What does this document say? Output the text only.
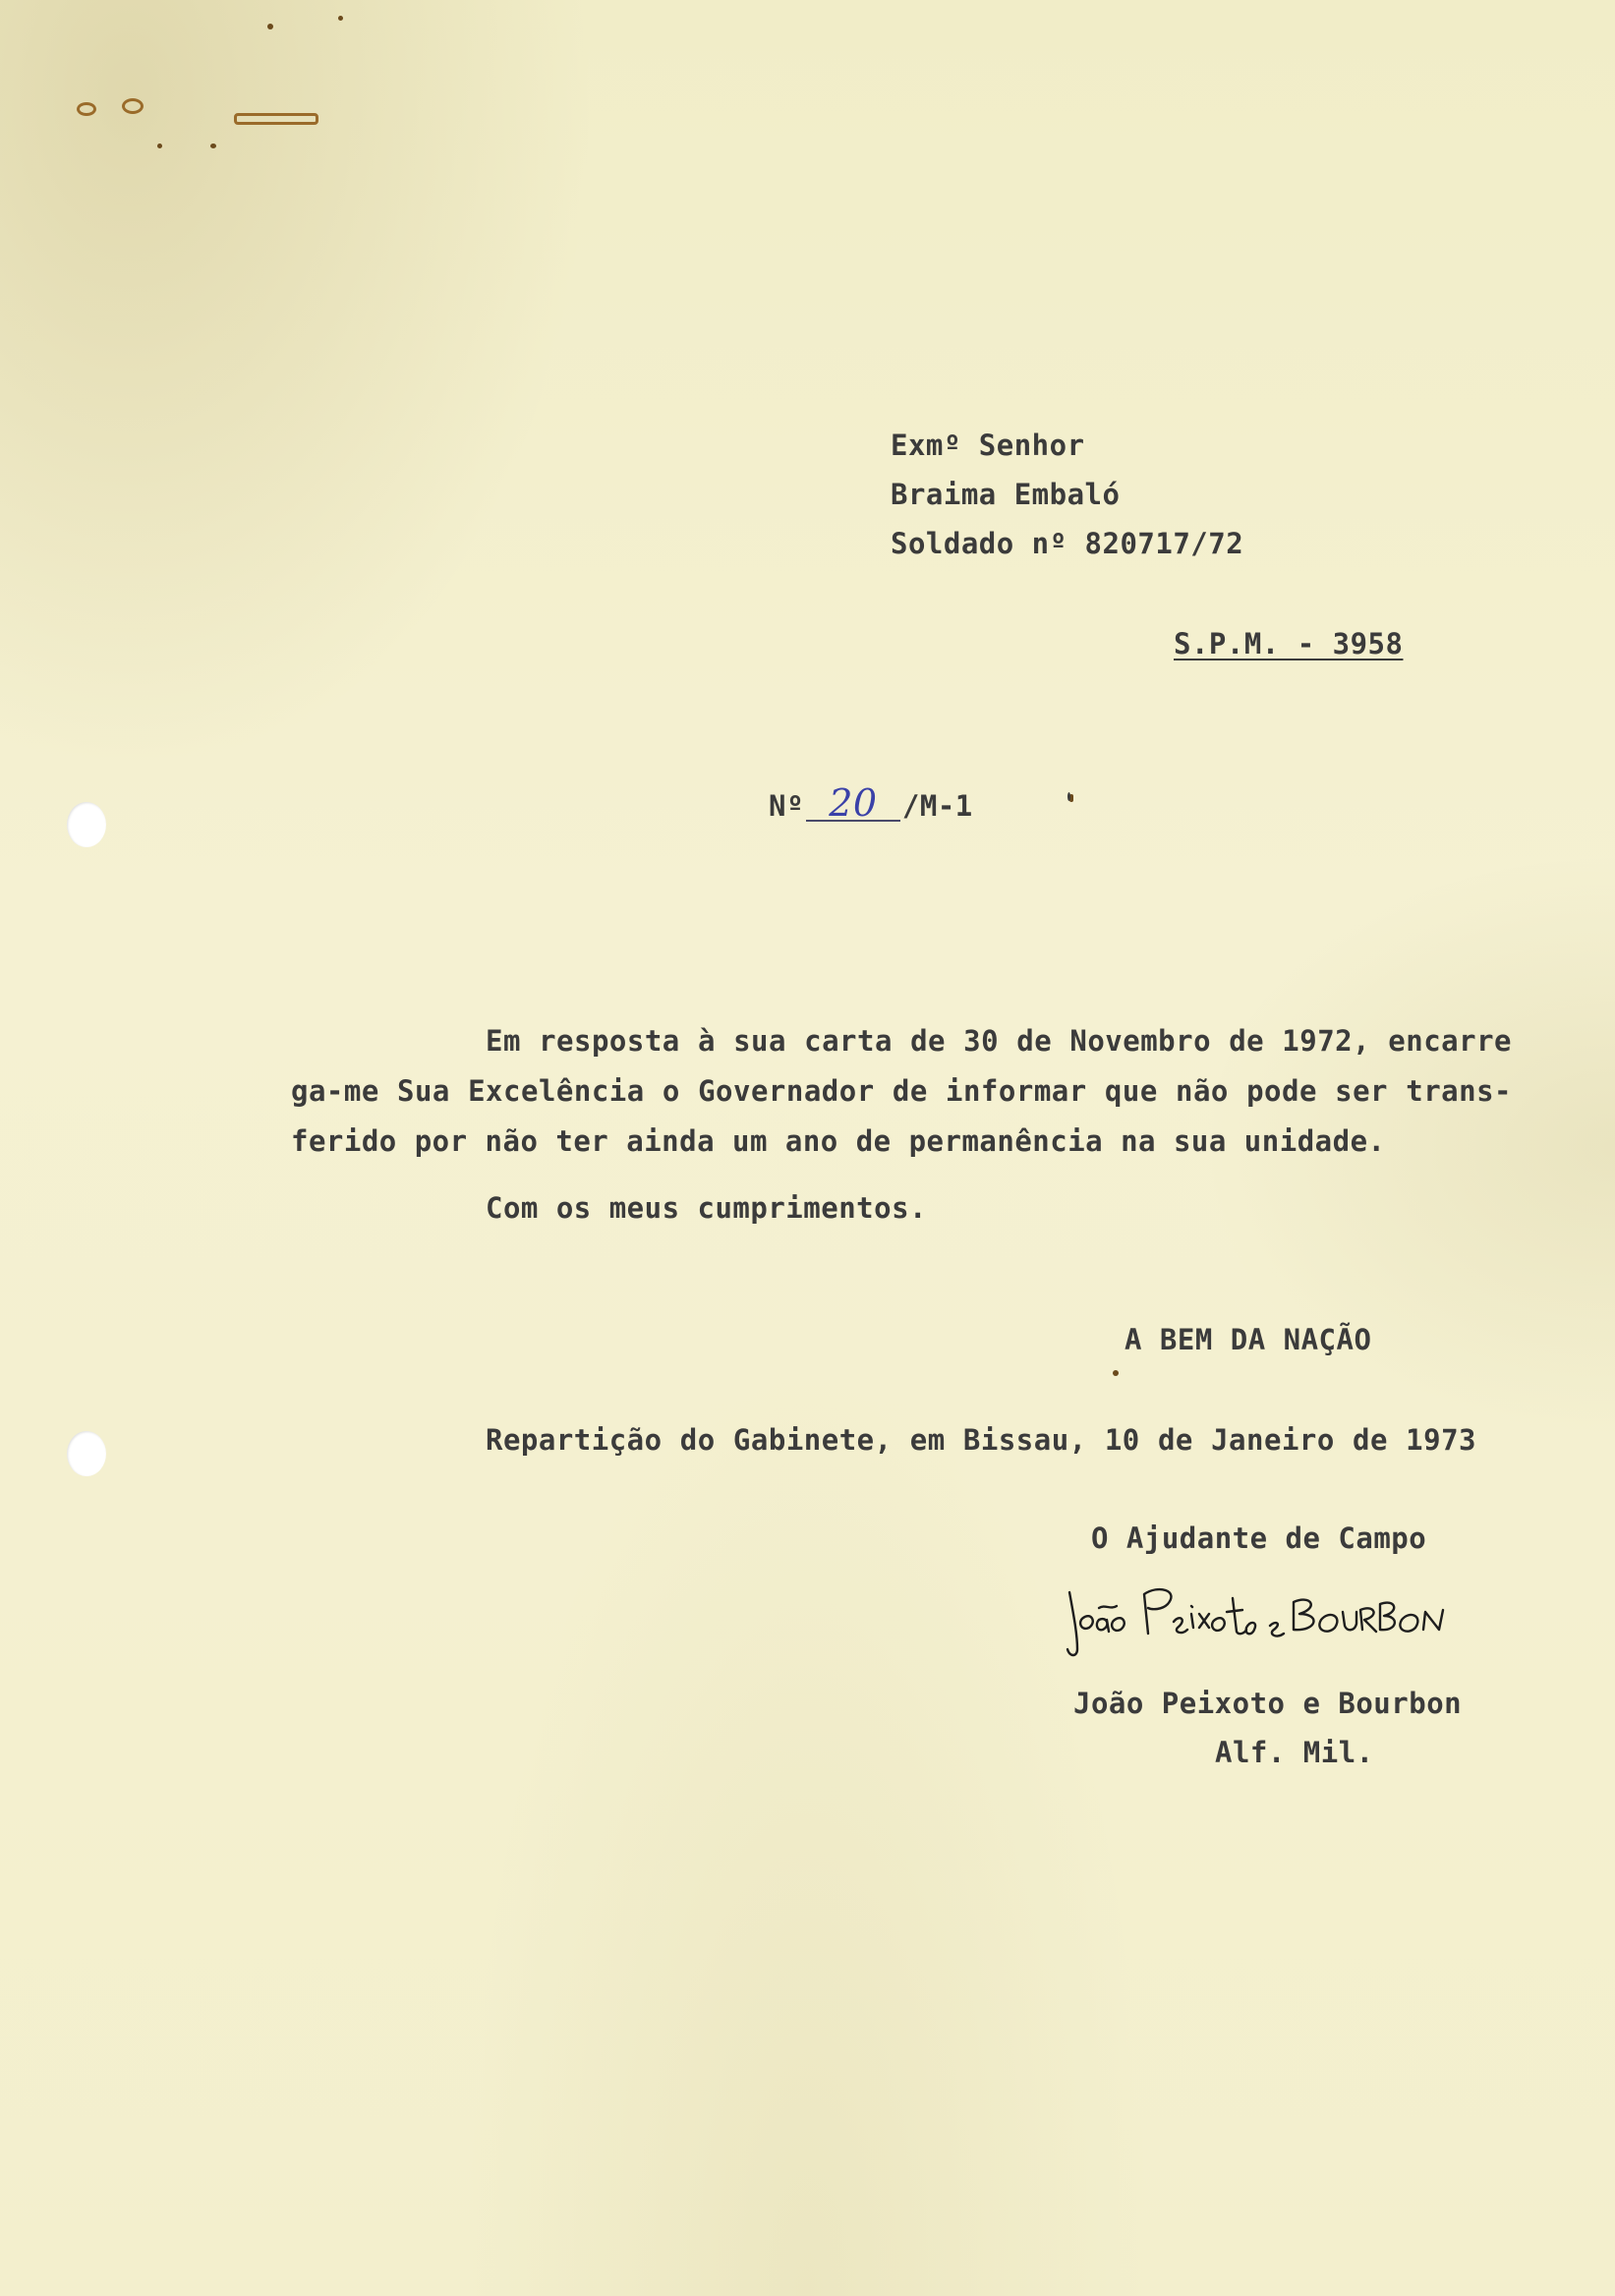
Exmº Senhor

Braima Embaló

Soldado nº 820717/72

S.P.M. - 3958

Nº 20 /M-1

Em resposta à sua carta de 30 de Novembro de 1972, encarre

ga-me Sua Excelência o Governador de informar que não pode ser trans-

ferido por não ter ainda um ano de permanência na sua unidade.

Com os meus cumprimentos.

A BEM DA NAÇÃO

Repartição do Gabinete, em Bissau, 10 de Janeiro de 1973

O Ajudante de Campo

João Peixoto e Bourbon

Alf. Mil.
